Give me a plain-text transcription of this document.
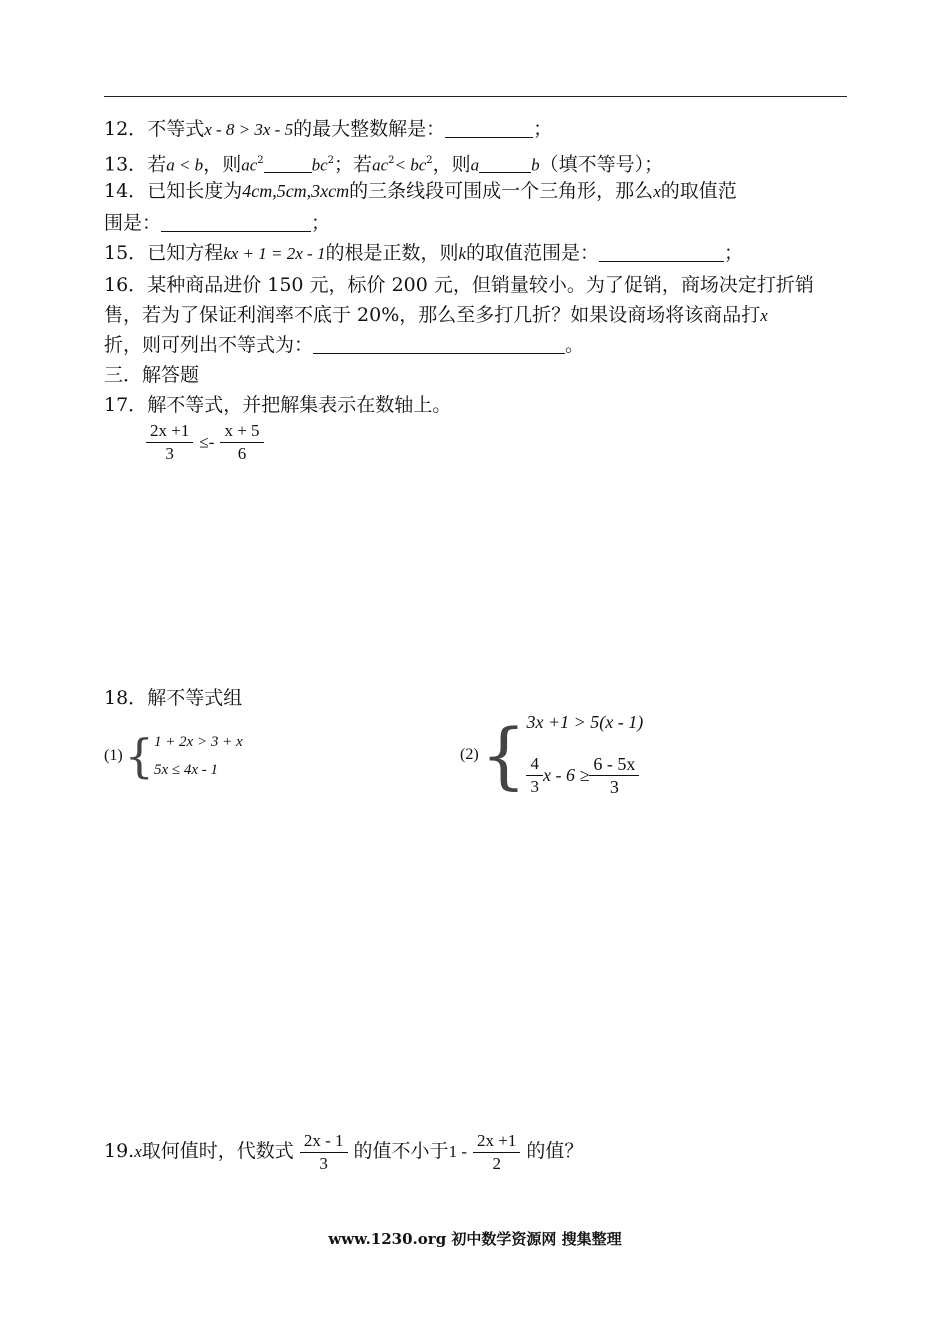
12．不等式x - 8 > 3x - 5的最大整数解是：	；
13．若a < b，则$ac^2$	$bc^2$；若$ac^2< bc^2$，则a	b（填不等号）；
14．已知长度为4cm,5cm,3xcm的三条线段可围成一个三角形，那么x的取值范
围是：	；
15．已知方程kx + 1 = 2x - 1的根是正数，则k的取值范围是：	；
16．某种商品进价 150 元，标价 200 元，但销量较小。为了促销，商场决定打折销
售，若为了保证利润率不底于 20%，那么至多打几折？如果设商场将该商品打x
折，则可列出不等式为：	。
三．解答题
17．解不等式，并把解集表示在数轴上。
$\frac{2x +1}{3} \le- \frac{x + 5}{6}$
18．解不等式组
(1) { 1 + 2x > 3 + x
5x ≤ 4x - 1
(2) { 3x +1 > 5(x - 1)
$\frac{4}{3}$ $x - 6 \ge \frac{6 - 5x}{3}$
19.x取何值时，代数式 $\frac{2x - 1}{3}$ 的值不小于$1 - \frac{2x +1}{2}$ 的值？
www.1230.org 初中数学资源网 搜集整理
